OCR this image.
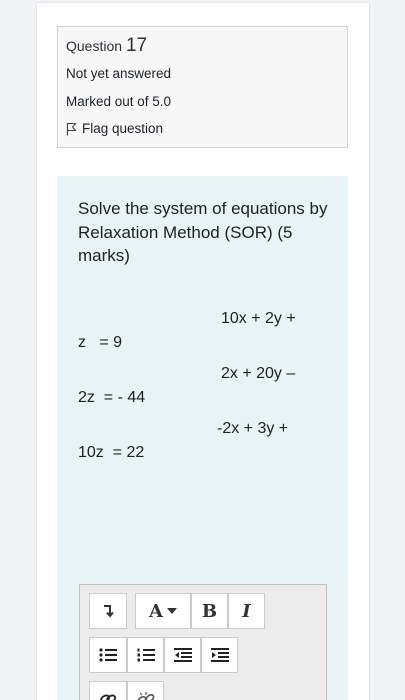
Question 17
Not yet answered
Marked out of 5.0
Flag question
Solve the system of equations by Relaxation Method (SOR) (5 marks)
10x + 2y +
z   = 9
2x + 20y –
2z  = - 44
-2x + 3y +
10z  = 22
A B I
